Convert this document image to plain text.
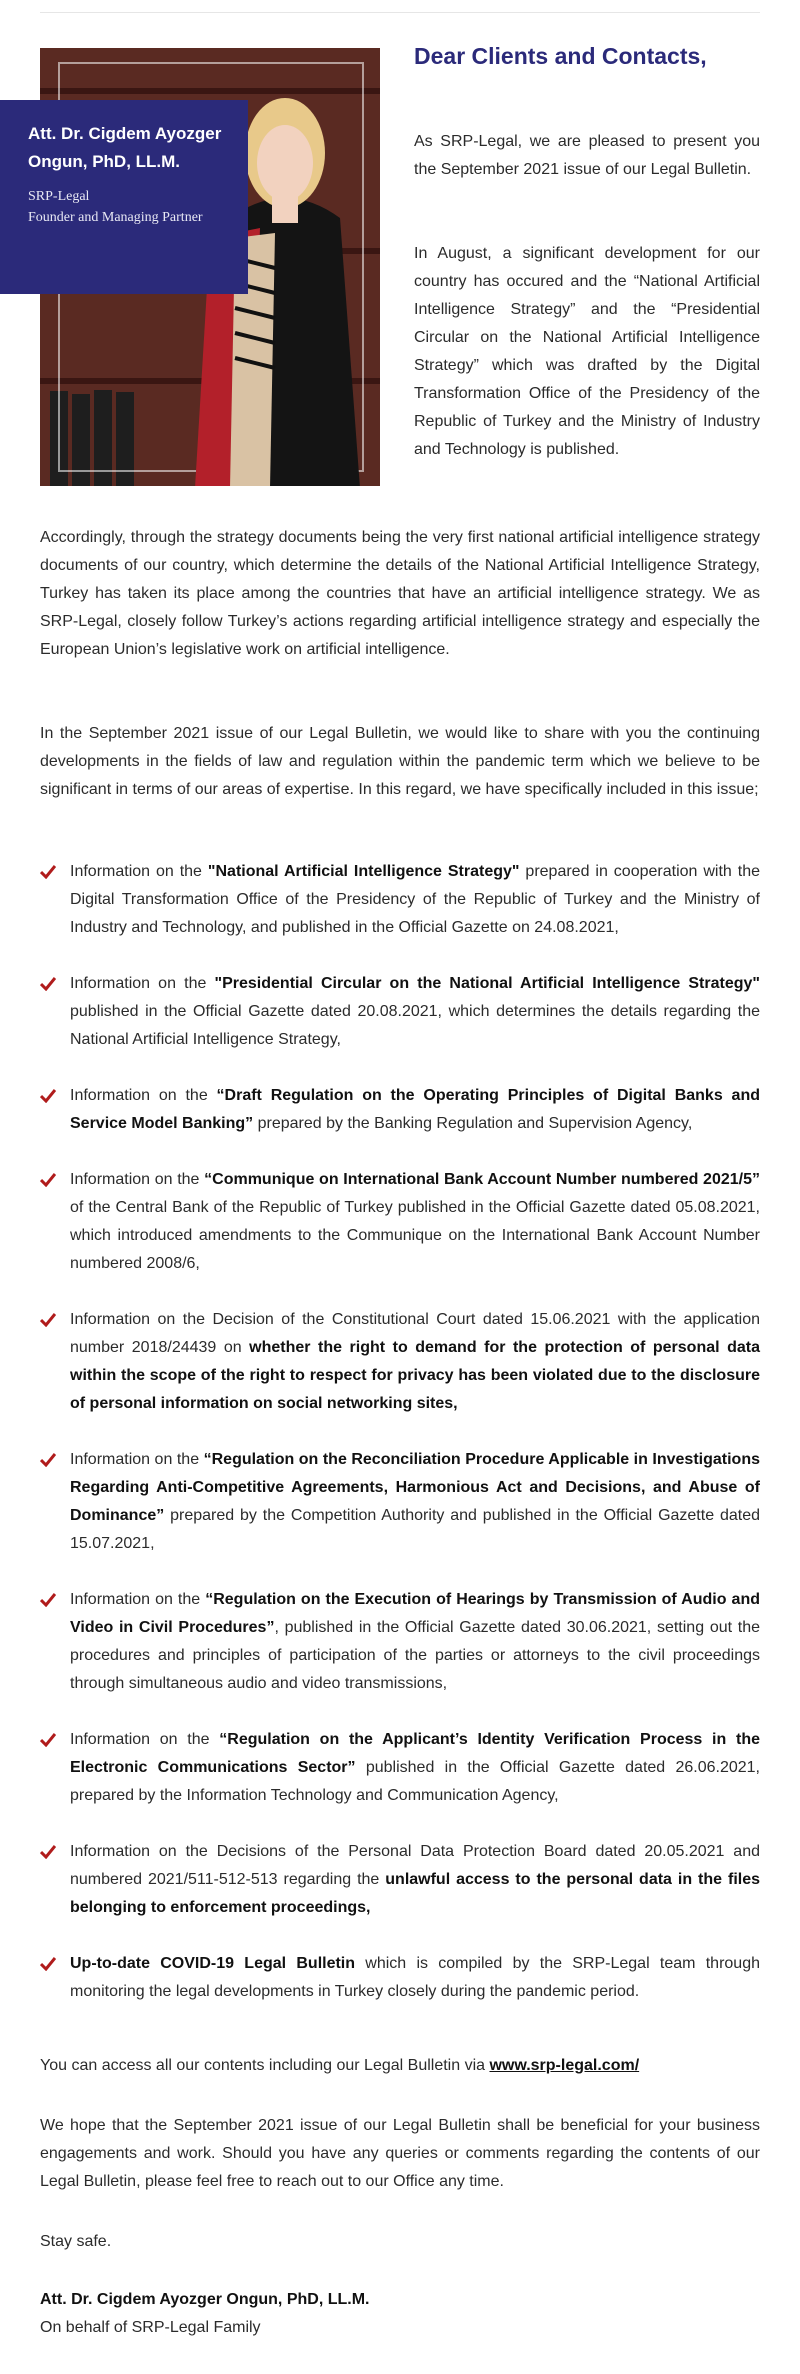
Att. Dr. Cigdem Ayozger Ongun, PhD, LL.M.
SRP-Legal
Founder and Managing Partner
Dear Clients and Contacts,
As SRP-Legal, we are pleased to present you the September 2021 issue of our Legal Bulletin.
In August, a significant development for our country has occured and the “National Artificial Intelligence Strategy” and the “Presidential Circular on the National Artificial Intelligence Strategy” which was drafted by the Digital Transformation Office of the Presidency of the Republic of Turkey and the Ministry of Industry and Technology is published.
Accordingly, through the strategy documents being the very first national artificial intelligence strategy documents of our country, which determine the details of the National Artificial Intelligence Strategy, Turkey has taken its place among the countries that have an artificial intelligence strategy. We as SRP-Legal, closely follow Turkey’s actions regarding artificial intelligence strategy and especially the European Union’s legislative work on artificial intelligence.
In the September 2021 issue of our Legal Bulletin, we would like to share with you the continuing developments in the fields of law and regulation within the pandemic term which we believe to be significant in terms of our areas of expertise. In this regard, we have specifically included in this issue;
Information on the "National Artificial Intelligence Strategy" prepared in cooperation with the Digital Transformation Office of the Presidency of the Republic of Turkey and the Ministry of Industry and Technology, and published in the Official Gazette on 24.08.2021,
Information on the "Presidential Circular on the National Artificial Intelligence Strategy" published in the Official Gazette dated 20.08.2021, which determines the details regarding the National Artificial Intelligence Strategy,
Information on the “Draft Regulation on the Operating Principles of Digital Banks and Service Model Banking” prepared by the Banking Regulation and Supervision Agency,
Information on the “Communique on International Bank Account Number numbered 2021/5” of the Central Bank of the Republic of Turkey published in the Official Gazette dated 05.08.2021, which introduced amendments to the Communique on the International Bank Account Number numbered 2008/6,
Information on the Decision of the Constitutional Court dated 15.06.2021 with the application number 2018/24439 on whether the right to demand for the protection of personal data within the scope of the right to respect for privacy has been violated due to the disclosure of personal information on social networking sites,
Information on the “Regulation on the Reconciliation Procedure Applicable in Investigations Regarding Anti-Competitive Agreements, Harmonious Act and Decisions, and Abuse of Dominance” prepared by the Competition Authority and published in the Official Gazette dated 15.07.2021,
Information on the “Regulation on the Execution of Hearings by Transmission of Audio and Video in Civil Procedures”, published in the Official Gazette dated 30.06.2021, setting out the procedures and principles of participation of the parties or attorneys to the civil proceedings through simultaneous audio and video transmissions,
Information on the “Regulation on the Applicant’s Identity Verification Process in the Electronic Communications Sector” published in the Official Gazette dated 26.06.2021, prepared by the Information Technology and Communication Agency,
Information on the Decisions of the Personal Data Protection Board dated 20.05.2021 and numbered 2021/511-512-513 regarding the unlawful access to the personal data in the files belonging to enforcement proceedings,
Up-to-date COVID-19 Legal Bulletin which is compiled by the SRP-Legal team through monitoring the legal developments in Turkey closely during the pandemic period.
You can access all our contents including our Legal Bulletin via www.srp-legal.com/
We hope that the September 2021 issue of our Legal Bulletin shall be beneficial for your business engagements and work. Should you have any queries or comments regarding the contents of our Legal Bulletin, please feel free to reach out to our Office any time.
Stay safe.
Att. Dr. Cigdem Ayozger Ongun, PhD, LL.M.
On behalf of SRP-Legal Family
